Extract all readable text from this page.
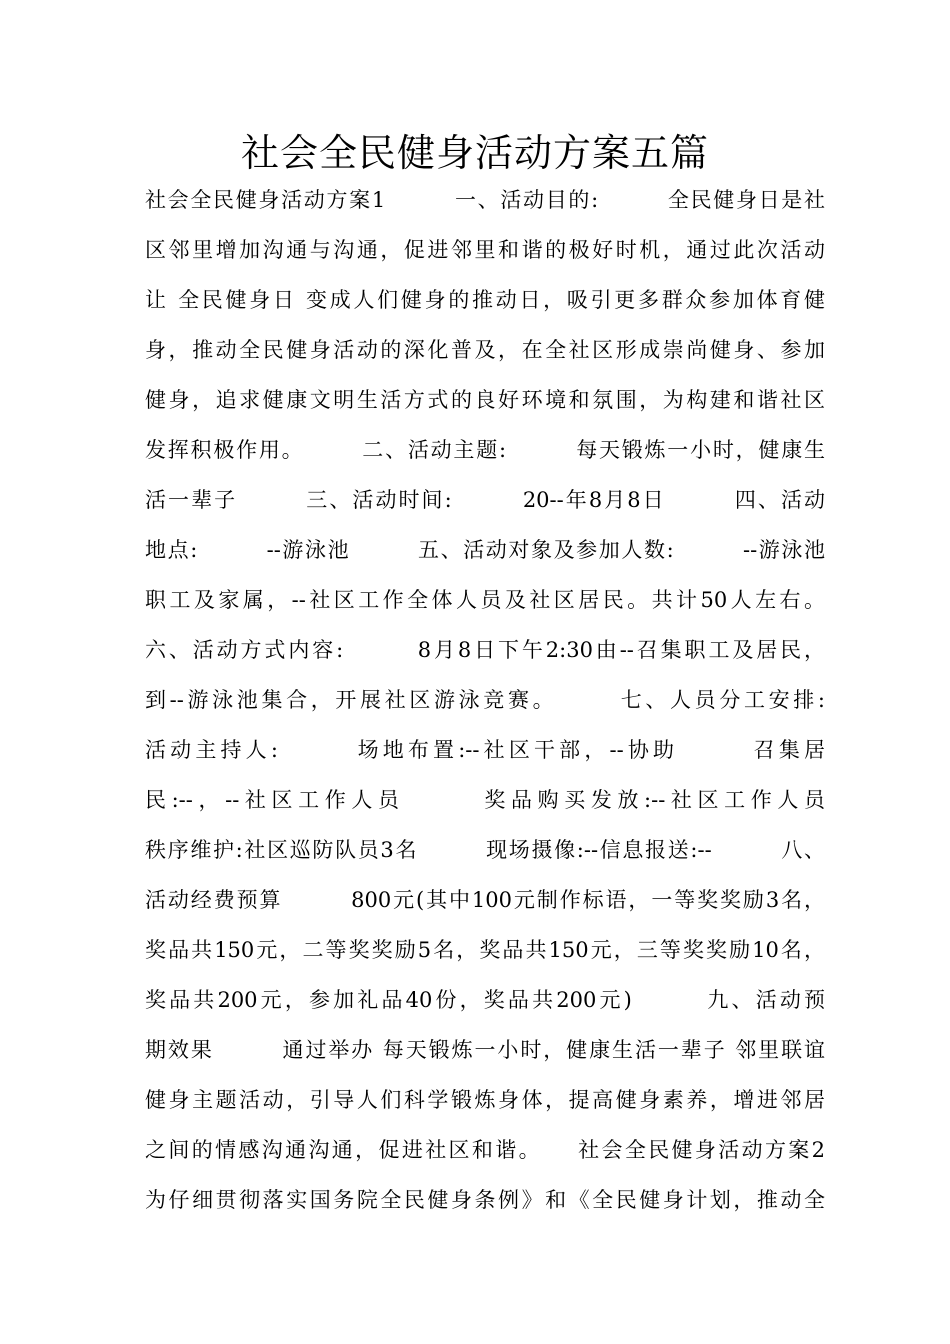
社会全民健身活动方案五篇
社会全民健身活动方案1　　　一、活动目的:　　　全民健身日是社
区邻里增加沟通与沟通，促进邻里和谐的极好时机，通过此次活动
让 全民健身日 变成人们健身的推动日，吸引更多群众参加体育健
身，推动全民健身活动的深化普及，在全社区形成崇尚健身、参加
健身，追求健康文明生活方式的良好环境和氛围，为构建和谐社区
发挥积极作用。　　　二、活动主题:　　　每天锻炼一小时，健康生
活一辈子　　　三、活动时间:　　　20--年8月8日　　　四、活动
地点:　　　--游泳池　　　五、活动对象及参加人数:　　　--游泳池
职工及家属，--社区工作全体人员及社区居民。共计50人左右。
六、活动方式内容:　　　8月8日下午2:30由--召集职工及居民，
到--游泳池集合，开展社区游泳竞赛。　　　七、人员分工安排:
活动主持人:　　　场地布置:--社区干部，--协助　　　召集居
民:--，--社区工作人员　　　奖品购买发放:--社区工作人员
秩序维护:社区巡防队员3名　　　现场摄像:--信息报送:--　　　八、
活动经费预算　　　800元(其中100元制作标语，一等奖奖励3名，
奖品共150元，二等奖奖励5名，奖品共150元，三等奖奖励10名，
奖品共200元，参加礼品40份，奖品共200元)　　　九、活动预
期效果　　　通过举办 每天锻炼一小时，健康生活一辈子 邻里联谊
健身主题活动，引导人们科学锻炼身体，提高健身素养，增进邻居
之间的情感沟通沟通，促进社区和谐。　　社会全民健身活动方案2
为仔细贯彻落实国务院全民健身条例》和《全民健身计划，推动全
